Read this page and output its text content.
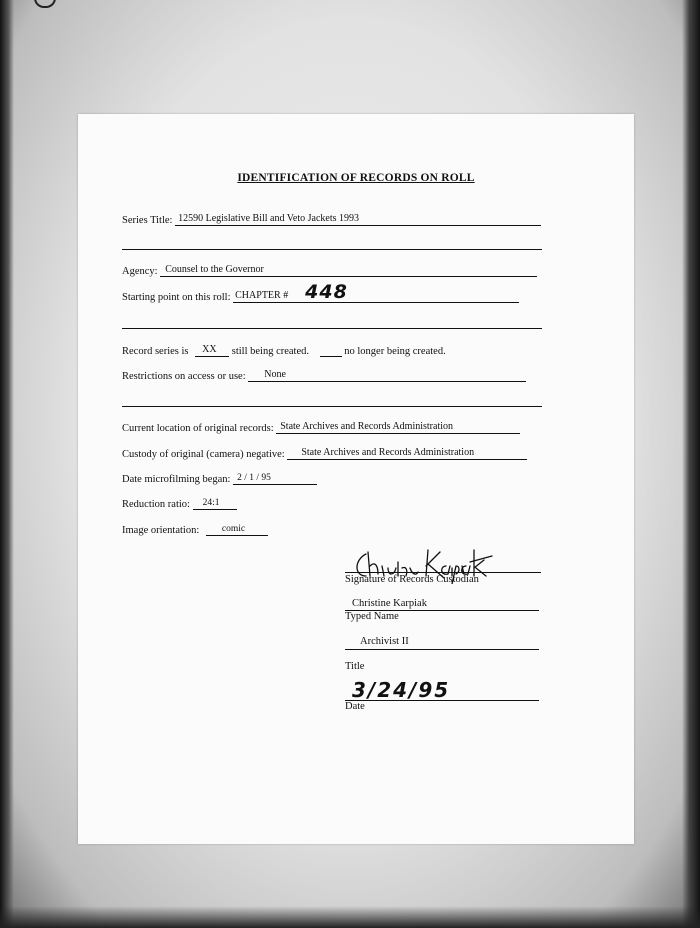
IDENTIFICATION OF RECORDS ON ROLL
Series Title: 12590 Legislative Bill and Veto Jackets 1993
Agency: Counsel to the Governor
Starting point on this roll: CHAPTER # 448
Record series is XX still being created.	no longer being created.
Restrictions on access or use: None
Current location of original records: State Archives and Records Administration
Custody of original (camera) negative: State Archives and Records Administration
Date microfilming began: 2 / 1 / 95
Reduction ratio: 24:1
Image orientation: comic
Signature of Records Custodian
Christine Karpiak
Typed Name
Archivist II
Title
3/24/95
Date
